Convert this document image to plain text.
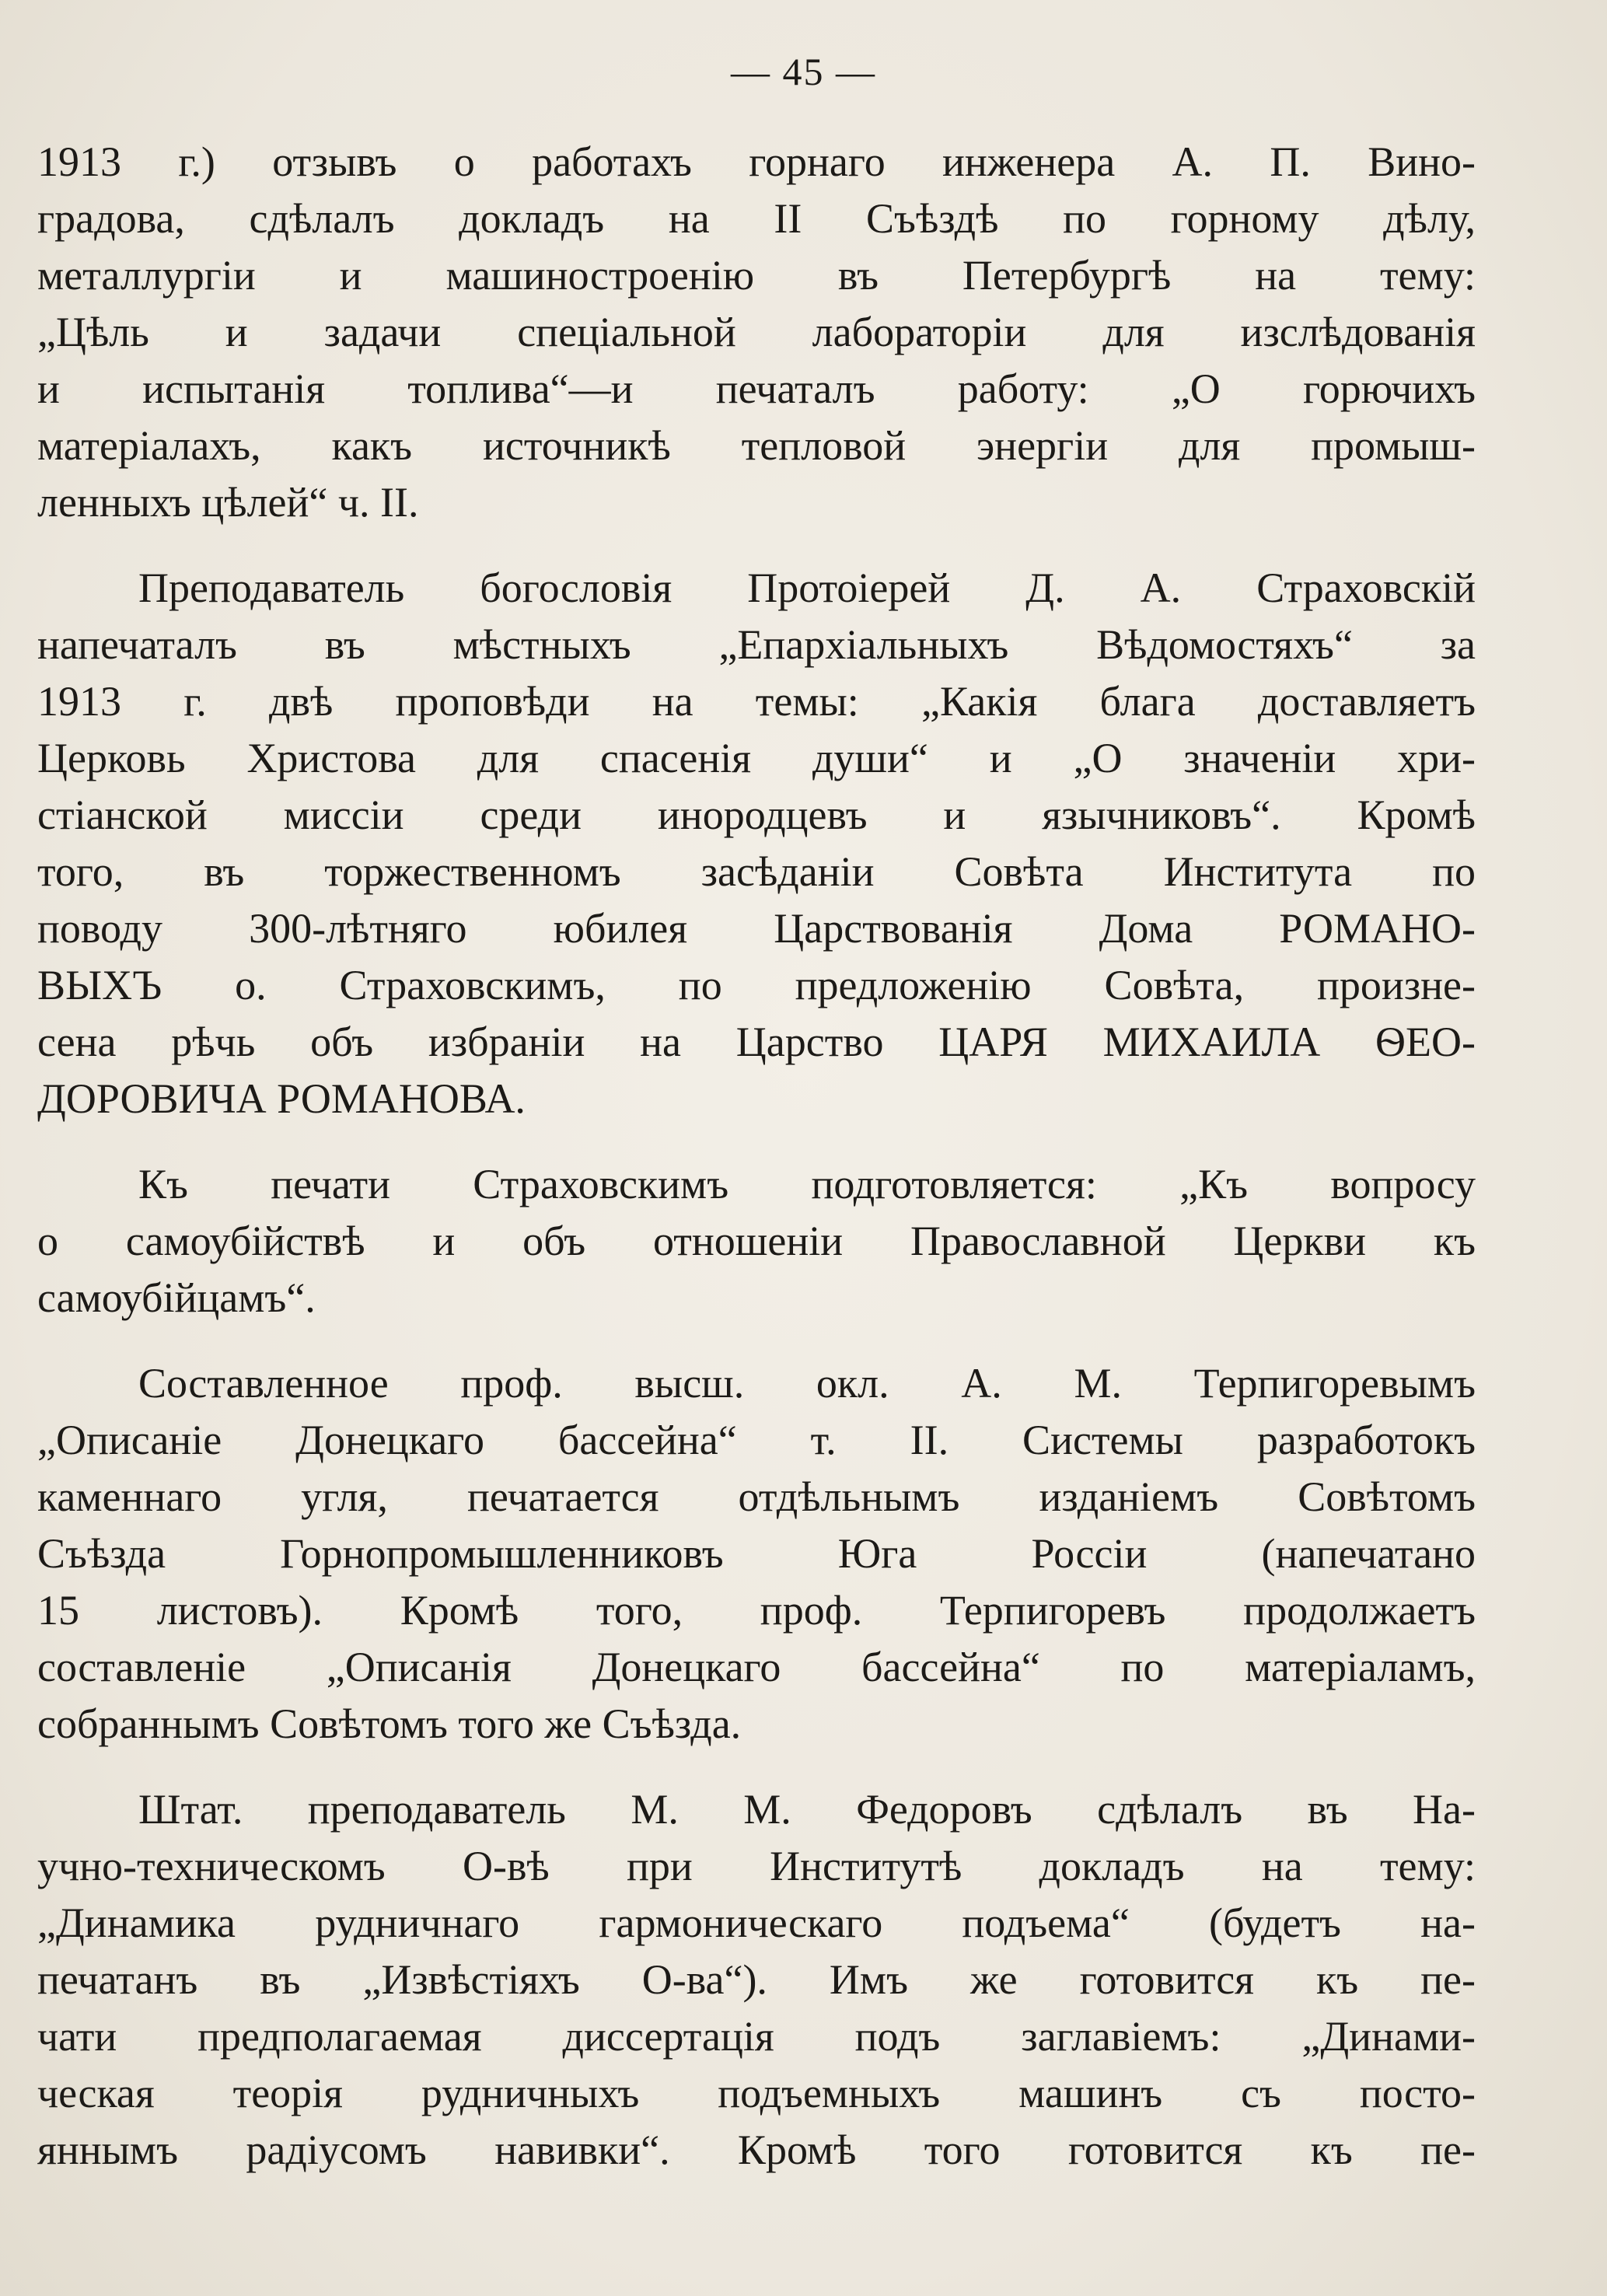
— 45 —
1913 г.) отзывъ о работахъ горнаго инженера А. П. Вино-
градова, сдѣлалъ докладъ на II Съѣздѣ по горному дѣлу,
металлургіи и машиностроенію въ Петербургѣ на тему:
„Цѣль и задачи спеціальной лабораторіи для изслѣдованія
и испытанія топлива“—и печаталъ работу: „О горючихъ
матеріалахъ, какъ источникѣ тепловой энергіи для промыш-
ленныхъ цѣлей“ ч. II.
Преподаватель богословія Протоіерей Д. А. Страховскій
напечаталъ въ мѣстныхъ „Епархіальныхъ Вѣдомостяхъ“ за
1913 г. двѣ проповѣди на темы: „Какія блага доставляетъ
Церковь Христова для спасенія души“ и „О значеніи хри-
стіанской миссіи среди инородцевъ и язычниковъ“. Кромѣ
того, въ торжественномъ засѣданіи Совѣта Института по
поводу 300-лѣтняго юбилея Царствованія Дома РОМАНО-
ВЫХЪ о. Страховскимъ, по предложенію Совѣта, произне-
сена рѣчь объ избраніи на Царство ЦАРЯ МИХАИЛА ѲЕО-
ДОРОВИЧА РОМАНОВА.
Къ печати Страховскимъ подготовляется: „Къ вопросу
о самоубійствѣ и объ отношеніи Православной Церкви къ
самоубійцамъ“.
Составленное проф. высш. окл. А. М. Терпигоревымъ
„Описаніе Донецкаго бассейна“ т. II. Системы разработокъ
каменнаго угля, печатается отдѣльнымъ изданіемъ Совѣтомъ
Съѣзда Горнопромышленниковъ Юга Россіи (напечатано
15 листовъ). Кромѣ того, проф. Терпигоревъ продолжаетъ
составленіе „Описанія Донецкаго бассейна“ по матеріаламъ,
собраннымъ Совѣтомъ того же Съѣзда.
Штат. преподаватель М. М. Федоровъ сдѣлалъ въ На-
учно-техническомъ О-вѣ при Институтѣ докладъ на тему:
„Динамика рудничнаго гармоническаго подъема“ (будетъ на-
печатанъ въ „Извѣстіяхъ О-ва“). Имъ же готовится къ пе-
чати предполагаемая диссертація подъ заглавіемъ: „Динами-
ческая теорія рудничныхъ подъемныхъ машинъ съ посто-
яннымъ радіусомъ навивки“. Кромѣ того готовится къ пе-
